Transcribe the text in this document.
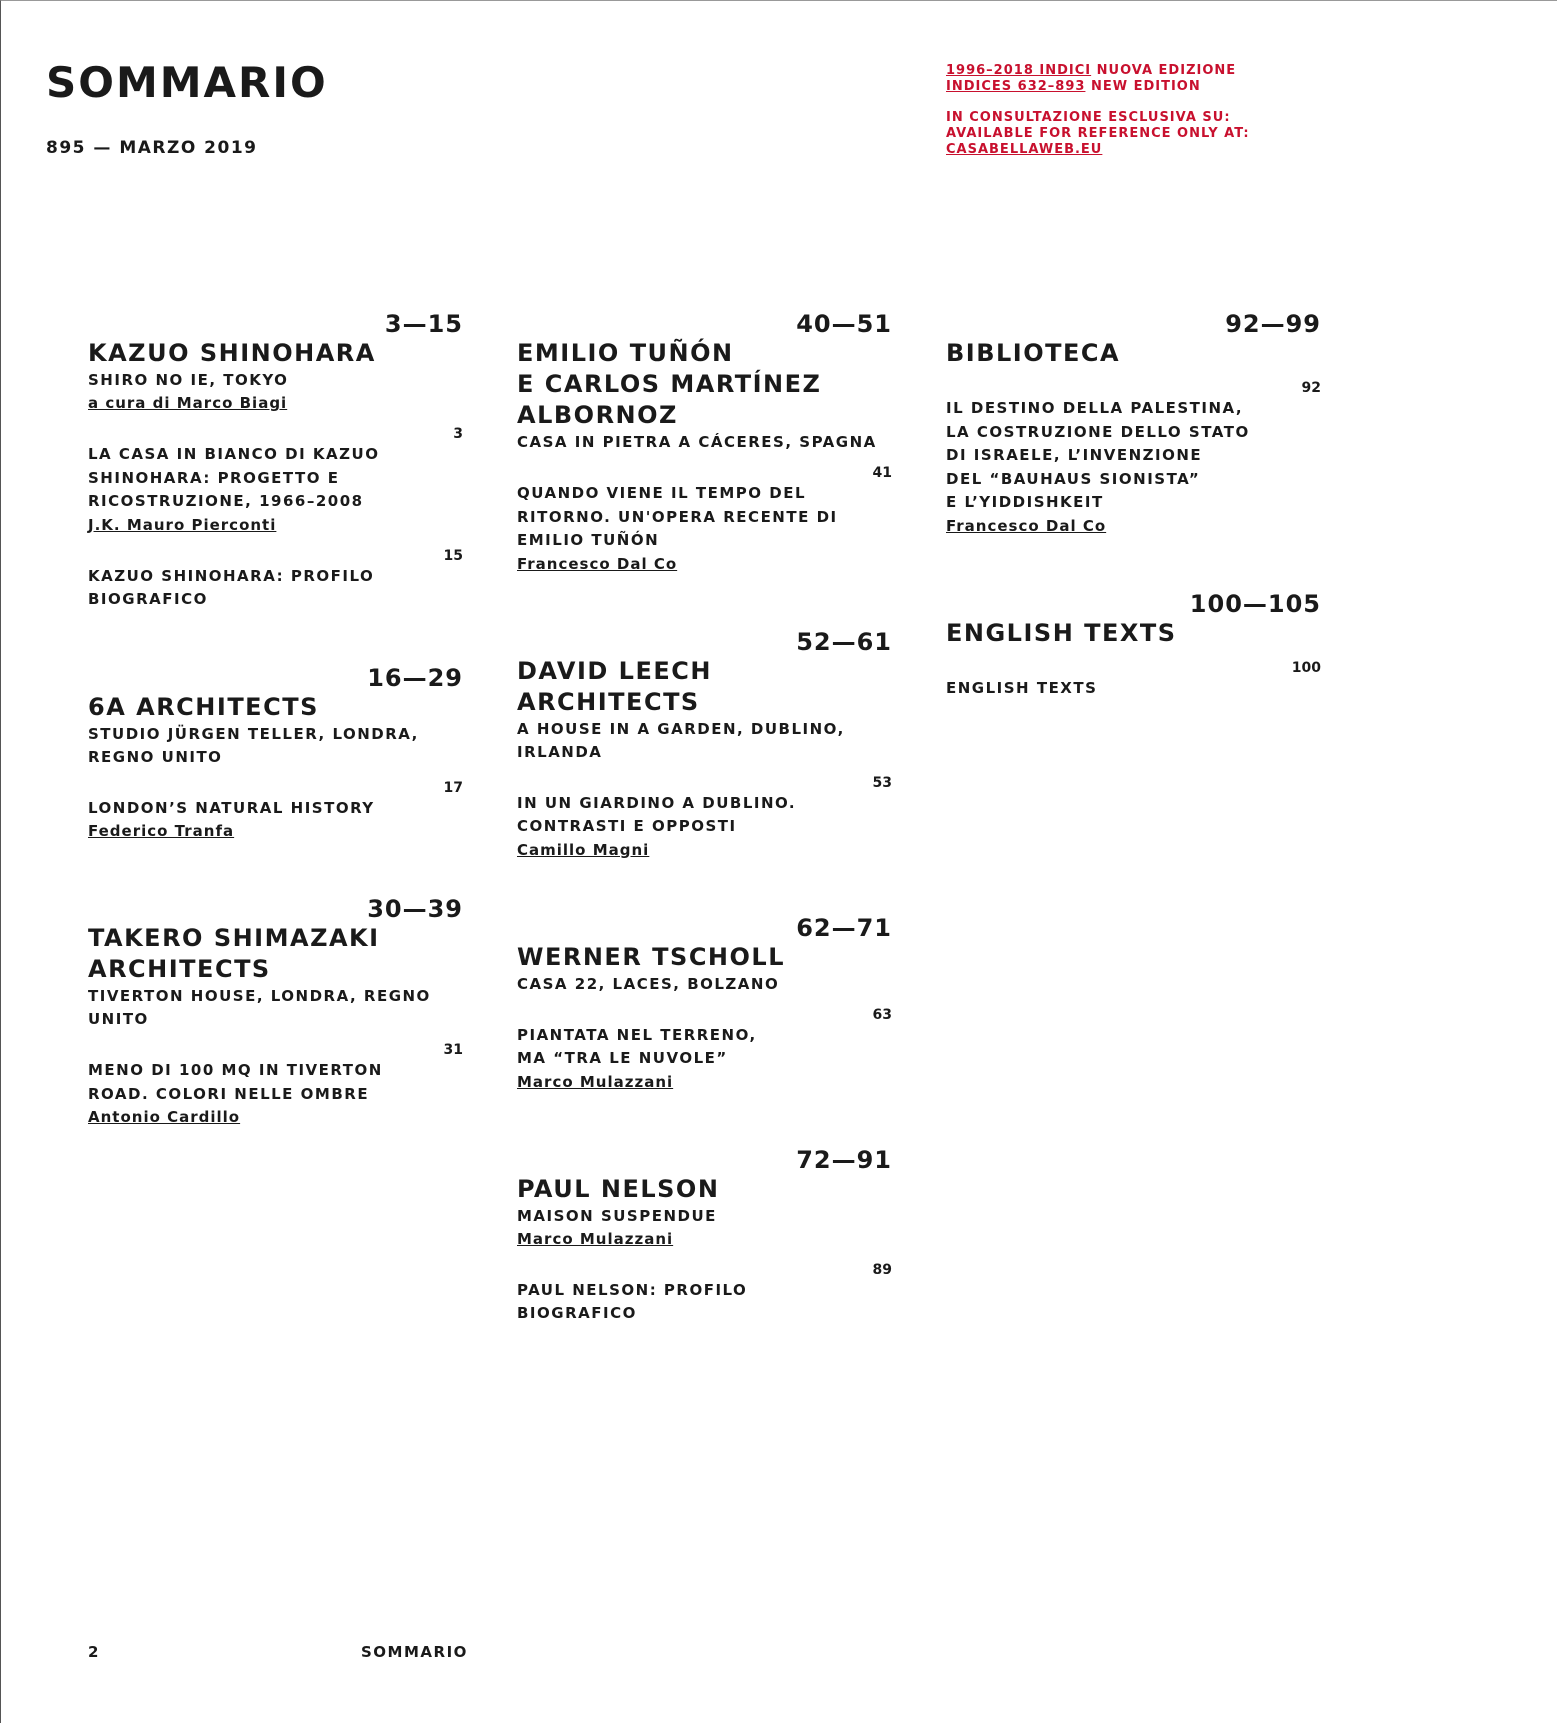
SOMMARIO
895 — MARZO 2019
1996–2018 INDICI NUOVA EDIZIONE
INDICES 632–893 NEW EDITION
IN CONSULTAZIONE ESCLUSIVA SU:
AVAILABLE FOR REFERENCE ONLY AT:
CASABELLAWEB.EU
3—15
KAZUO SHINOHARA
SHIRO NO IE, TOKYO
a cura di Marco Biagi
3
LA CASA IN BIANCO DI KAZUO
SHINOHARA: PROGETTO E
RICOSTRUZIONE, 1966–2008
J.K. Mauro Pierconti
15
KAZUO SHINOHARA: PROFILO
BIOGRAFICO
16—29
6A ARCHITECTS
STUDIO JÜRGEN TELLER, LONDRA,
REGNO UNITO
17
LONDON’S NATURAL HISTORY
Federico Tranfa
30—39
TAKERO SHIMAZAKI
ARCHITECTS
TIVERTON HOUSE, LONDRA, REGNO
UNITO
31
MENO DI 100 MQ IN TIVERTON
ROAD. COLORI NELLE OMBRE
Antonio Cardillo
40—51
EMILIO TUÑÓN
E CARLOS MARTÍNEZ
ALBORNOZ
CASA IN PIETRA A CÁCERES, SPAGNA
41
QUANDO VIENE IL TEMPO DEL
RITORNO. UN'OPERA RECENTE DI
EMILIO TUÑÓN
Francesco Dal Co
52—61
DAVID LEECH ARCHITECTS
A HOUSE IN A GARDEN, DUBLINO,
IRLANDA
53
IN UN GIARDINO A DUBLINO.
CONTRASTI E OPPOSTI
Camillo Magni
62—71
WERNER TSCHOLL
CASA 22, LACES, BOLZANO
63
PIANTATA NEL TERRENO,
MA “TRA LE NUVOLE”
Marco Mulazzani
72—91
PAUL NELSON
MAISON SUSPENDUE
Marco Mulazzani
89
PAUL NELSON: PROFILO
BIOGRAFICO
92—99
BIBLIOTECA
92
IL DESTINO DELLA PALESTINA,
LA COSTRUZIONE DELLO STATO
DI ISRAELE, L’INVENZIONE
DEL “BAUHAUS SIONISTA”
E L’YIDDISHKEIT
Francesco Dal Co
100—105
ENGLISH TEXTS
100
ENGLISH TEXTS
2	SOMMARIO
